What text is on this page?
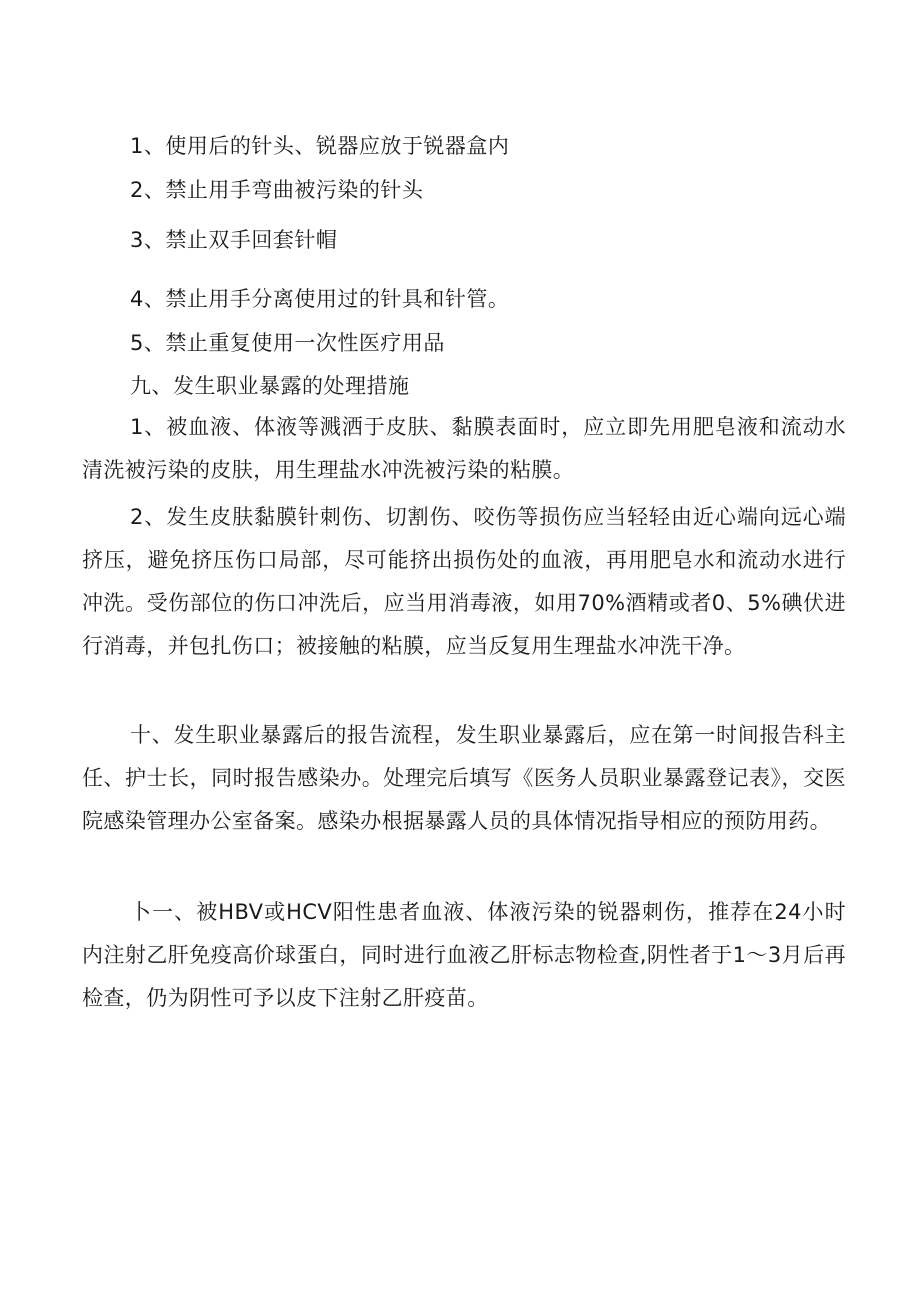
1、使用后的针头、锐器应放于锐器盒内
2、禁止用手弯曲被污染的针头
3、禁止双手回套针帽
4、禁止用手分离使用过的针具和针管。
5、禁止重复使用一次性医疗用品
九、发生职业暴露的处理措施
1、被血液、体液等溅洒于皮肤、黏膜表面时，应立即先用肥皂液和流动水清洗被污染的皮肤，用生理盐水冲洗被污染的粘膜。
2、发生皮肤黏膜针刺伤、切割伤、咬伤等损伤应当轻轻由近心端向远心端挤压，避免挤压伤口局部，尽可能挤出损伤处的血液，再用肥皂水和流动水进行冲洗。受伤部位的伤口冲洗后，应当用消毒液，如用70%酒精或者0、5%碘伏进行消毒，并包扎伤口；被接触的粘膜，应当反复用生理盐水冲洗干净。
十、发生职业暴露后的报告流程，发生职业暴露后，应在第一时间报告科主任、护士长，同时报告感染办。处理完后填写《医务人员职业暴露登记表》，交医院感染管理办公室备案。感染办根据暴露人员的具体情况指导相应的预防用药。
卜一、被HBV或HCV阳性患者血液、体液污染的锐器刺伤，推荐在24小时内注射乙肝免疫高价球蛋白，同时进行血液乙肝标志物检查,阴性者于1～3月后再检查，仍为阴性可予以皮下注射乙肝疫苗。
